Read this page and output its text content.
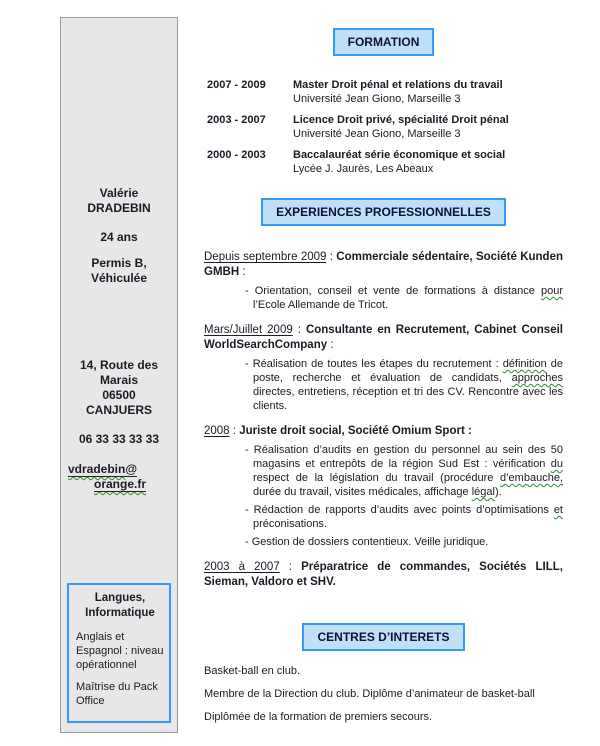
Valérie
DRADEBIN
24 ans
Permis B,
Véhiculée
14, Route des
Marais
06500
CANJUERS
06 33 33 33 33
vdradebin@
orange.fr
Langues,
Informatique
Anglais et Espagnol : niveau opérationnel
Maîtrise du Pack Office
FORMATION
2007 - 2009	Master Droit pénal et relations du travail
Université Jean Giono, Marseille 3
2003 - 2007	Licence Droit privé, spécialité Droit pénal
Université Jean Giono, Marseille 3
2000 - 2003	Baccalauréat série économique et social
Lycée J. Jaurès, Les Abeaux
EXPERIENCES PROFESSIONNELLES
Depuis septembre 2009 : Commerciale sédentaire, Société Kunden GMBH :
- Orientation, conseil et vente de formations à distance pour l’Ecole Allemande de Tricot.
Mars/Juillet 2009 : Consultante en Recrutement, Cabinet Conseil WorldSearchCompany :
- Réalisation de toutes les étapes du recrutement : définition de poste, recherche et évaluation de candidats, approches directes, entretiens, réception et tri des CV. Rencontre avec les clients.
2008 : Juriste droit social, Société Omium Sport :
- Réalisation d’audits en gestion du personnel au sein des 50 magasins et entrepôts de la région Sud Est : vérification du respect de la législation du travail (procédure d’embauche, durée du travail, visites médicales, affichage légal).
- Rédaction de rapports d’audits avec points d’optimisations et préconisations.
- Gestion de dossiers contentieux. Veille juridique.
2003 à 2007 : Préparatrice de commandes, Sociétés LILL, Sieman, Valdoro et SHV.
CENTRES D’INTERETS
Basket-ball en club.
Membre de la Direction du club. Diplôme d’animateur de basket-ball
Diplômée de la formation de premiers secours.
